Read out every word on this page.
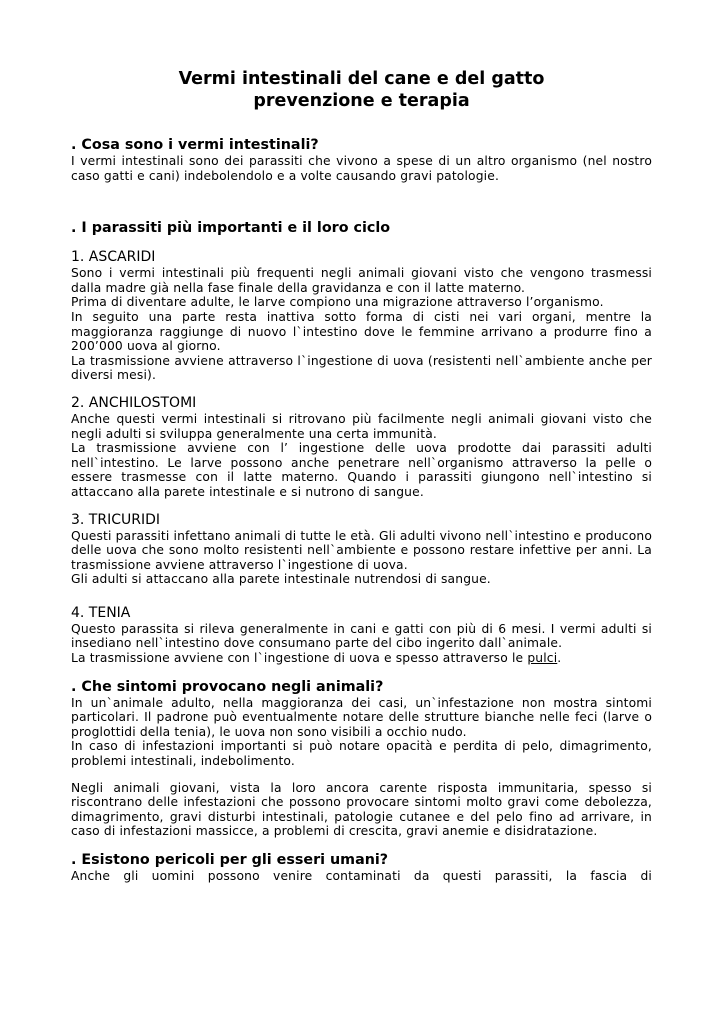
Vermi intestinali del cane e del gatto
prevenzione e terapia
. Cosa sono i vermi intestinali?

I vermi intestinali sono dei parassiti che vivono a spese di un altro organismo (nel nostro caso gatti e cani) indebolendolo e a volte causando gravi patologie.

. I parassiti più importanti e il loro ciclo
1. ASCARIDI

Sono i vermi intestinali più frequenti negli animali giovani visto che vengono trasmessi dalla madre già nella fase finale della gravidanza e con il latte materno.

Prima di diventare adulte, le larve compiono una migrazione attraverso l’organismo.

In seguito una parte resta inattiva sotto forma di cisti nei vari organi, mentre la maggioranza raggiunge di nuovo l`intestino dove le femmine arrivano a produrre fino a 200’000 uova al giorno.

La trasmissione avviene attraverso l`ingestione di uova (resistenti nell`ambiente anche per diversi mesi).

2. ANCHILOSTOMI

Anche questi vermi intestinali si ritrovano più facilmente negli animali giovani visto che negli adulti si sviluppa generalmente una certa immunità.

La trasmissione avviene con l’ ingestione delle uova prodotte dai parassiti adulti nell`intestino. Le larve possono anche penetrare nell`organismo attraverso la pelle o essere trasmesse con il latte materno. Quando i parassiti giungono nell`intestino si attaccano alla parete intestinale e si nutrono di sangue.

3. TRICURIDI

Questi parassiti infettano animali di tutte le età. Gli adulti vivono nell`intestino e producono delle uova che sono molto resistenti nell`ambiente e possono restare infettive per anni. La trasmissione avviene attraverso l`ingestione di uova.

Gli adulti si attaccano alla parete intestinale nutrendosi di sangue.

4. TENIA

Questo parassita si rileva generalmente in cani e gatti con più di 6 mesi. I vermi adulti si insediano nell`intestino dove consumano parte del cibo ingerito dall`animale.

La trasmissione avviene con l`ingestione di uova e spesso attraverso le pulci.

. Che sintomi provocano negli animali?

In un`animale adulto, nella maggioranza dei casi, un`infestazione non mostra sintomi particolari. Il padrone può eventualmente notare delle strutture bianche nelle feci (larve o proglottidi della tenia), le uova non sono visibili a occhio nudo.

In caso di infestazioni importanti si può notare opacità e perdita di pelo, dimagrimento, problemi intestinali, indebolimento.

Negli animali giovani, vista la loro ancora carente risposta immunitaria, spesso si riscontrano delle infestazioni che possono provocare sintomi molto gravi come debolezza, dimagrimento, gravi disturbi intestinali, patologie cutanee e del pelo fino ad arrivare, in caso di infestazioni massicce, a problemi di crescita, gravi anemie e disidratazione.

. Esistono pericoli per gli esseri umani?

Anche gli uomini possono venire contaminati da questi parassiti, la fascia di
